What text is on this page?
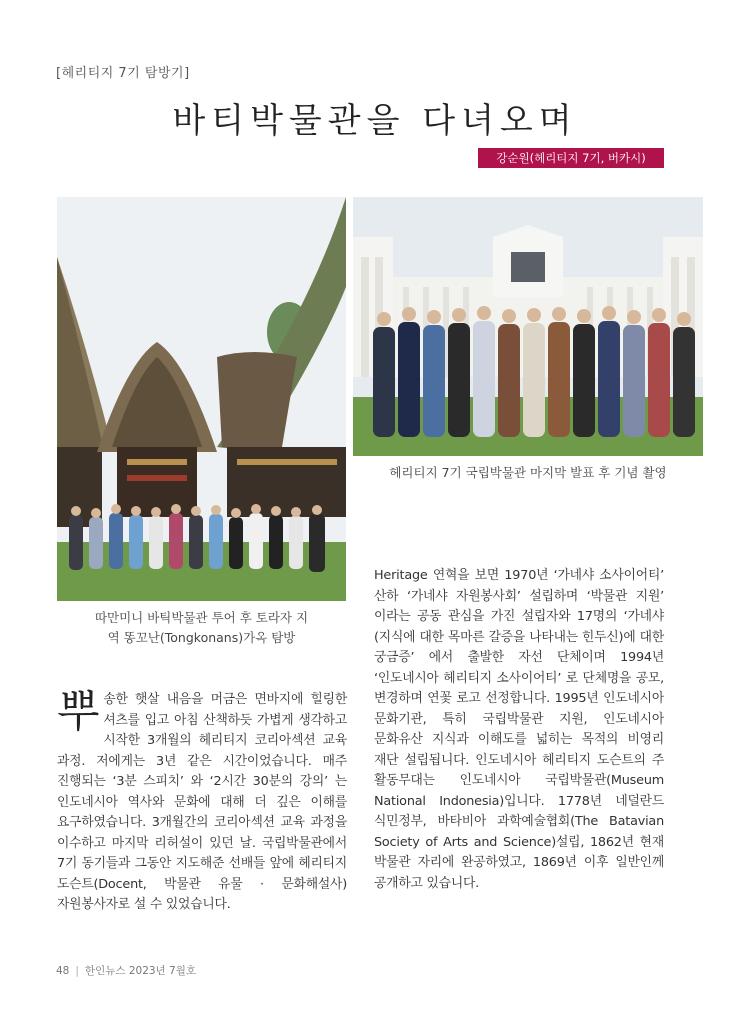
[헤리티지 7기 탐방기]
바티박물관을 다녀오며
강순원(헤리티지 7기, 버카시)
헤리티지 7기 국립박물관 마지막 발표 후 기념 촬영
따만미니 바틱박물관 투어 후 토라자 지
역 똥꼬난(Tongkonans)가옥 탐방
뿌송한 햇살 내음을 머금은 면바지에 힐링한 셔츠를 입고 아침 산책하듯 가볍게 생각하고 시작한 3개월의 헤리티지 코리아섹션 교육 과정. 저에게는 3년 같은 시간이었습니다. 매주 진행되는 ‘3분 스피치’ 와 ‘2시간 30분의 강의’ 는 인도네시아 역사와 문화에 대해 더 깊은 이해를 요구하였습니다. 3개월간의 코리아섹션 교육 과정을 이수하고 마지막 리허설이 있던 날. 국립박물관에서 7기 동기들과 그동안 지도해준 선배들 앞에 헤리티지 도슨트(Docent, 박물관 유물 · 문화해설사) 자원봉사자로 설 수 있었습니다.
Heritage 연혁을 보면 1970년 ‘가네샤 소사이어티’ 산하 ‘가네샤 자원봉사회’ 설립하며 ‘박물관 지원’ 이라는 공동 관심을 가진 설립자와 17명의 ‘가네샤(지식에 대한 목마른 갈증을 나타내는 힌두신)에 대한 궁금증’ 에서 출발한 자선 단체이며 1994년 ‘인도네시아 헤리티지 소사이어티’ 로 단체명을 공모, 변경하며 연꽃 로고 선정합니다. 1995년 인도네시아 문화기관, 특히 국립박물관 지원, 인도네시아 문화유산 지식과 이해도를 넓히는 목적의 비영리 재단 설립됩니다. 인도네시아 헤리티지 도슨트의 주 활동무대는 인도네시아 국립박물관(Museum National Indonesia)입니다. 1778년 네덜란드 식민정부, 바타비아 과학예술협회(The Batavian Society of Arts and Science)설립, 1862년 현재 박물관 자리에 완공하였고, 1869년 이후 일반인께 공개하고 있습니다.
48 | 한인뉴스 2023년 7월호
